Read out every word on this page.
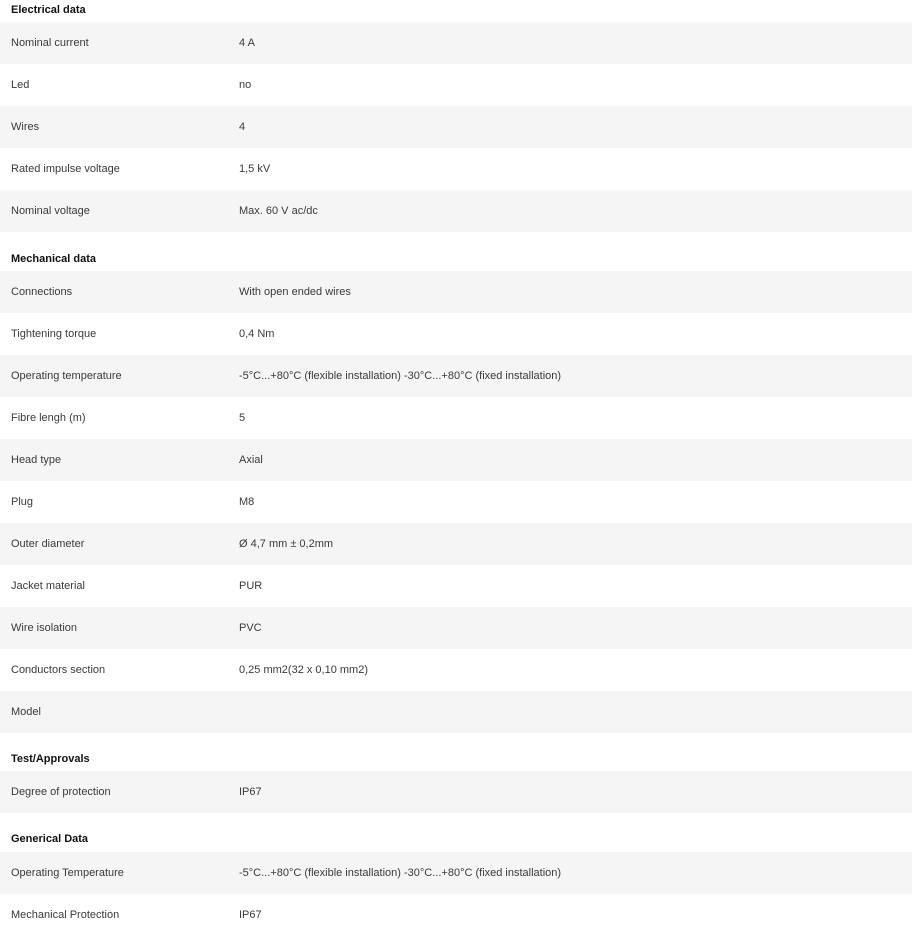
Electrical data
Nominal current	4 A
Led	no
Wires	4
Rated impulse voltage	1,5 kV
Nominal voltage	Max. 60 V ac/dc
Mechanical data
Connections	With open ended wires
Tightening torque	0,4 Nm
Operating temperature	-5°C...+80°C (flexible installation) -30°C...+80°C (fixed installation)
Fibre lengh (m)	5
Head type	Axial
Plug	M8
Outer diameter	Ø 4,7 mm ± 0,2mm
Jacket material	PUR
Wire isolation	PVC
Conductors section	0,25 mm2(32 x 0,10 mm2)
Model
Test/Approvals
Degree of protection	IP67
Generical Data
Operating Temperature	-5°C...+80°C (flexible installation) -30°C...+80°C (fixed installation)
Mechanical Protection	IP67
